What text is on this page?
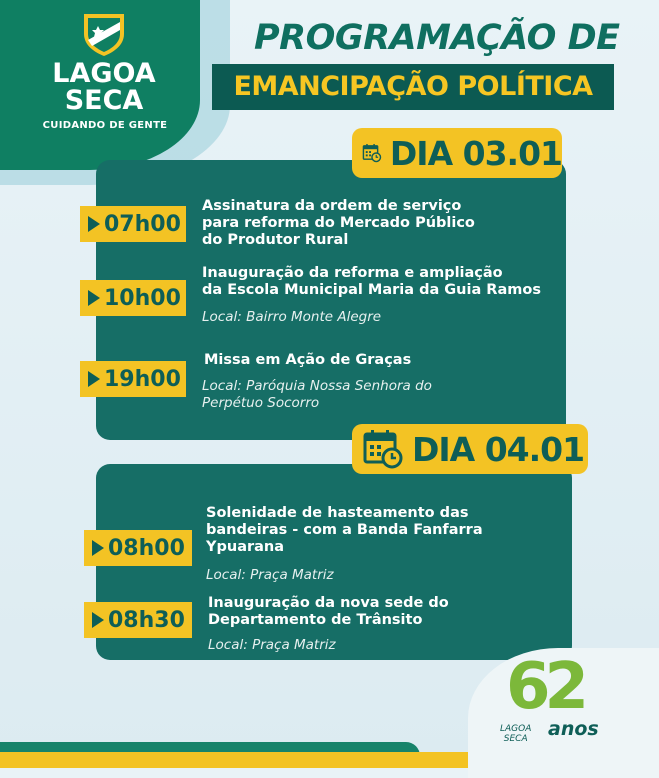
LAGOA
SECA
CUIDANDO DE GENTE
PROGRAMAÇÃO DE
EMANCIPAÇÃO POLÍTICA
DIA 03.01
07h00
Assinatura da ordem de serviço
para reforma do Mercado Público
do Produtor Rural
10h00
Inauguração da reforma e ampliação
da Escola Municipal Maria da Guia Ramos
Local: Bairro Monte Alegre
19h00
Missa em Ação de Graças
Local: Paróquia Nossa Senhora do
Perpétuo Socorro
DIA 04.01
08h00
Solenidade de hasteamento das
bandeiras - com a Banda Fanfarra
Ypuarana
Local: Praça Matriz
08h30
Inauguração da nova sede do
Departamento de Trânsito
Local: Praça Matriz
62
LAGOA
SECA anos
